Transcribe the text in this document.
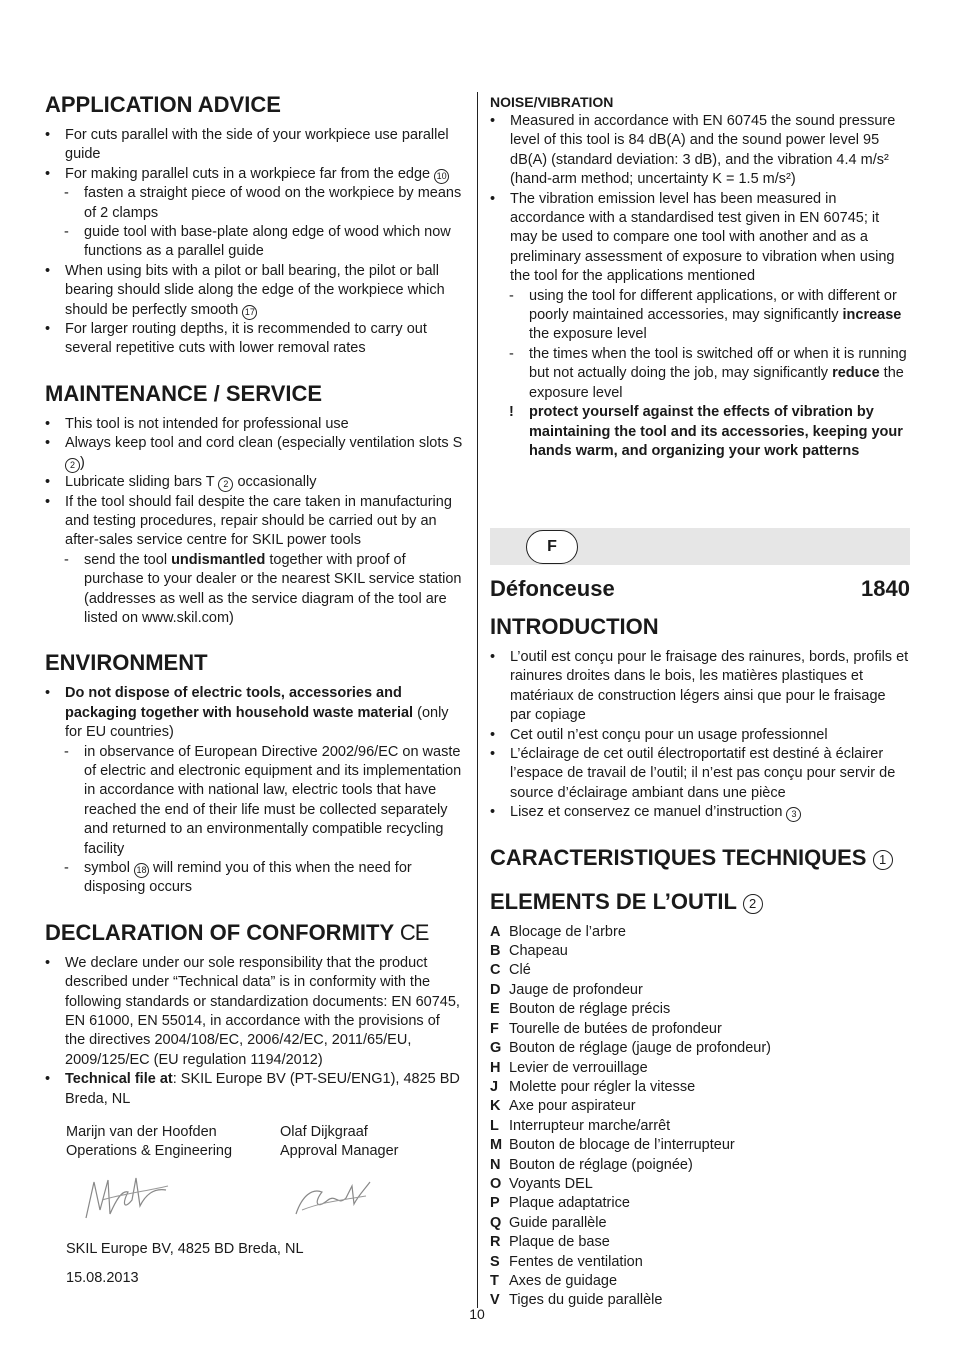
APPLICATION ADVICE
• For cuts parallel with the side of your workpiece use parallel guide
• For making parallel cuts in a workpiece far from the edge 10
- fasten a straight piece of wood on the workpiece by means of 2 clamps
- guide tool with base-plate along edge of wood which now functions as a parallel guide
• When using bits with a pilot or ball bearing, the pilot or ball bearing should slide along the edge of the workpiece which should be perfectly smooth 17
• For larger routing depths, it is recommended to carry out several repetitive cuts with lower removal rates
MAINTENANCE / SERVICE
• This tool is not intended for professional use
• Always keep tool and cord clean (especially ventilation slots S 2 )
• Lubricate sliding bars T 2 occasionally
• If the tool should fail despite the care taken in manufacturing and testing procedures, repair should be carried out by an after-sales service centre for SKIL power tools
- send the tool undismantled together with proof of purchase to your dealer or the nearest SKIL service station (addresses as well as the service diagram of the tool are listed on www.skil.com)
ENVIRONMENT
• Do not dispose of electric tools, accessories and packaging together with household waste material (only for EU countries)
- in observance of European Directive 2002/96/EC on waste of electric and electronic equipment and its implementation in accordance with national law, electric tools that have reached the end of their life must be collected separately and returned to an environmentally compatible recycling facility
- symbol 18 will remind you of this when the need for disposing occurs
DECLARATION OF CONFORMITY CE
• We declare under our sole responsibility that the product described under “Technical data” is in conformity with the following standards or standardization documents: EN 60745, EN 61000, EN 55014, in accordance with the provisions of the directives 2004/108/EC, 2006/42/EC, 2011/65/EU, 2009/125/EC (EU regulation 1194/2012)
• Technical file at: SKIL Europe BV (PT-SEU/ENG1), 4825 BD Breda, NL
Marijn van der Hoofden
Operations & Engineering
Olaf Dijkgraaf
Approval Manager
SKIL Europe BV, 4825 BD Breda, NL
15.08.2013
NOISE/VIBRATION
• Measured in accordance with EN 60745 the sound pressure level of this tool is 84 dB(A) and the sound power level 95 dB(A) (standard deviation: 3 dB), and the vibration 4.4 m/s² (hand-arm method; uncertainty K = 1.5 m/s²)
• The vibration emission level has been measured in accordance with a standardised test given in EN 60745; it may be used to compare one tool with another and as a preliminary assessment of exposure to vibration when using the tool for the applications mentioned
- using the tool for different applications, or with different or poorly maintained accessories, may significantly increase the exposure level
- the times when the tool is switched off or when it is running but not actually doing the job, may significantly reduce the exposure level
! protect yourself against the effects of vibration by maintaining the tool and its accessories, keeping your hands warm, and organizing your work patterns
F
Défonceuse	1840
INTRODUCTION
• L’outil est conçu pour le fraisage des rainures, bords, profils et rainures droites dans le bois, les matières plastiques et matériaux de construction légers ainsi que pour le fraisage par copiage
• Cet outil n’est conçu pour un usage professionnel
• L’éclairage de cet outil électroportatif est destiné à éclairer l’espace de travail de l’outil; il n’est pas conçu pour servir de source d’éclairage ambiant dans une pièce
• Lisez et conservez ce manuel d’instruction 3
CARACTERISTIQUES TECHNIQUES 1
ELEMENTS DE L’OUTIL 2
A Blocage de l’arbre
B Chapeau
C Clé
D Jauge de profondeur
E Bouton de réglage précis
F Tourelle de butées de profondeur
G Bouton de réglage (jauge de profondeur)
H Levier de verrouillage
J Molette pour régler la vitesse
K Axe pour aspirateur
L Interrupteur marche/arrêt
M Bouton de blocage de l’interrupteur
N Bouton de réglage (poignée)
O Voyants DEL
P Plaque adaptatrice
Q Guide parallèle
R Plaque de base
S Fentes de ventilation
T Axes de guidage
V Tiges du guide parallèle
10
